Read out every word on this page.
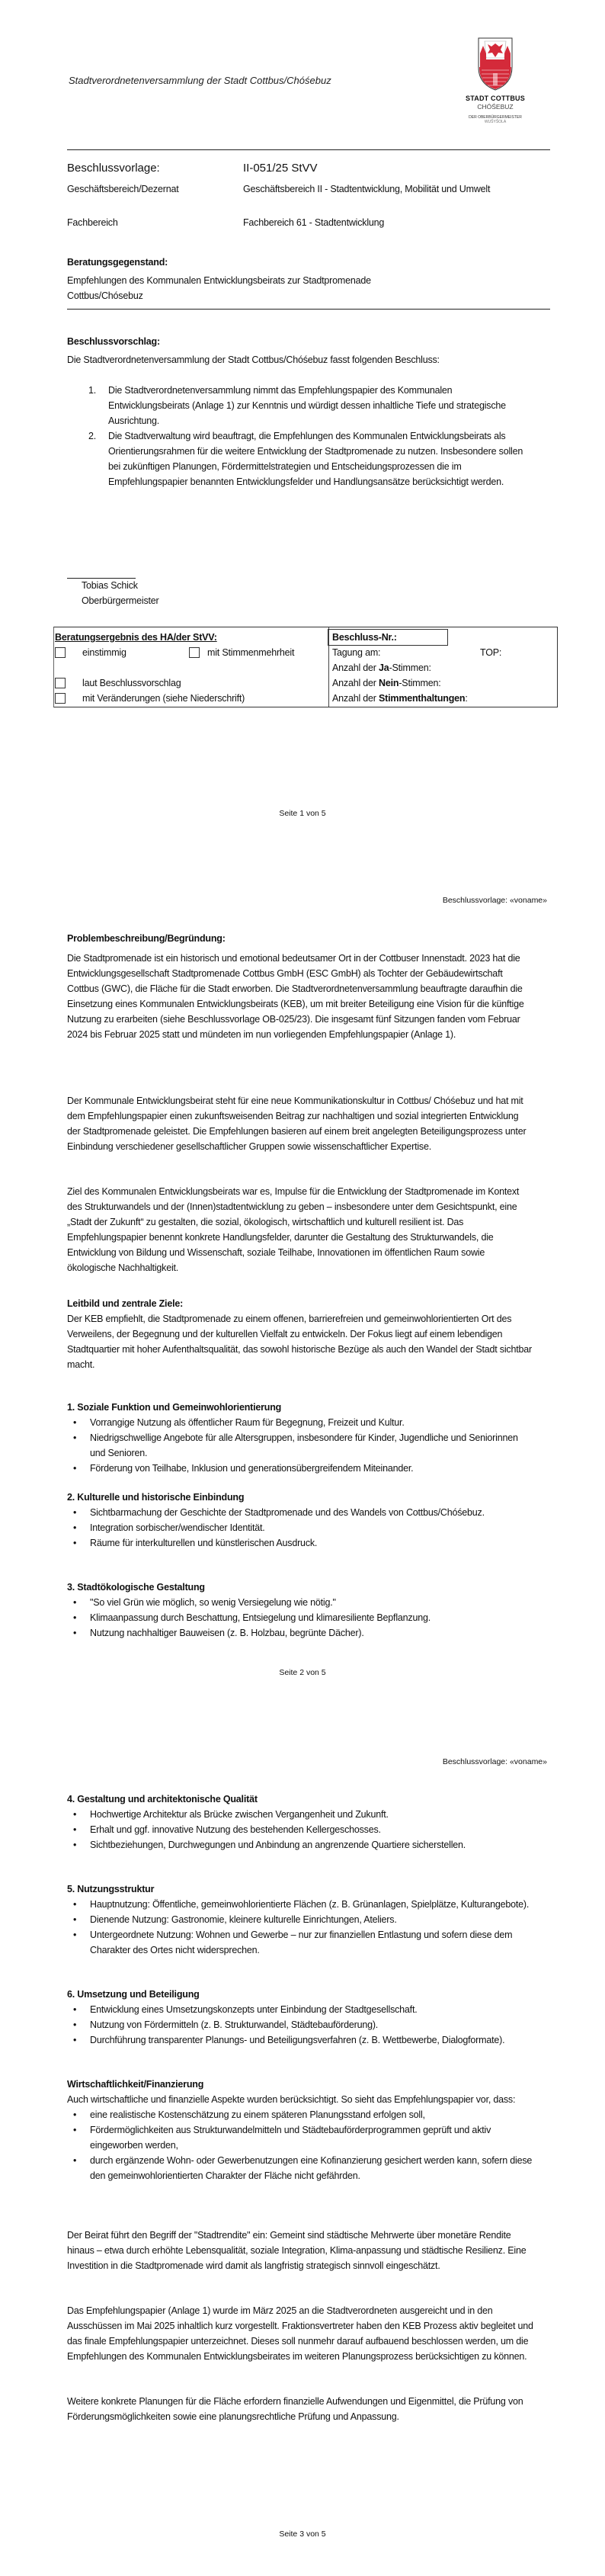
Stadtverordnetenversammlung der Stadt Cottbus/Chóśebuz
STADT COTTBUS
CHÓŚEBUZ
DER OBERBÜRGERMEISTER
WUŠYŠOLA
Beschlussvorlage:	II-051/25 StVV
Geschäftsbereich/Dezernat	Geschäftsbereich II - Stadtentwicklung, Mobilität und Umwelt
Fachbereich	Fachbereich 61 - Stadtentwicklung
Beratungsgegenstand:
Empfehlungen des Kommunalen Entwicklungsbeirats zur Stadtpromenade Cottbus/Chósebuz
Beschlussvorschlag:
Die Stadtverordnetenversammlung der Stadt Cottbus/Chóśebuz fasst folgenden Beschluss:
1. Die Stadtverordnetenversammlung nimmt das Empfehlungspapier des Kommunalen Entwicklungsbeirats (Anlage 1) zur Kenntnis und würdigt dessen inhaltliche Tiefe und strategische Ausrichtung.
2. Die Stadtverwaltung wird beauftragt, die Empfehlungen des Kommunalen Entwicklungsbeirats als Orientierungsrahmen für die weitere Entwicklung der Stadtpromenade zu nutzen. Insbesondere sollen bei zukünftigen Planungen, Fördermittelstrategien und Entscheidungsprozessen die im Empfehlungspapier benannten Entwicklungsfelder und Handlungsansätze berücksichtigt werden.
Tobias Schick
Oberbürgermeister
Beratungsergebnis des HA/der StVV:	Beschluss-Nr.:
einstimmig	mit Stimmenmehrheit	Tagung am:	TOP:
Anzahl der Ja-Stimmen:
laut Beschlussvorschlag	Anzahl der Nein-Stimmen:
mit Veränderungen (siehe Niederschrift)	Anzahl der Stimmenthaltungen:
Seite 1 von 5
Beschlussvorlage: «voname»
Problembeschreibung/Begründung:

Die Stadtpromenade ist ein historisch und emotional bedeutsamer Ort in der Cottbuser Innenstadt. 2023 hat die Entwicklungsgesellschaft Stadtpromenade Cottbus GmbH (ESC GmbH) als Tochter der Gebäudewirtschaft Cottbus (GWC), die Fläche für die Stadt erworben. Die Stadtverordnetenversammlung beauftragte daraufhin die Einsetzung eines Kommunalen Entwicklungsbeirats (KEB), um mit breiter Beteiligung eine Vision für die künftige Nutzung zu erarbeiten (siehe Beschlussvorlage OB-025/23). Die insgesamt fünf Sitzungen fanden vom Februar 2024 bis Februar 2025 statt und mündeten im nun vorliegenden Empfehlungspapier (Anlage 1).

Der Kommunale Entwicklungsbeirat steht für eine neue Kommunikationskultur in Cottbus/ Chóśebuz und hat mit dem Empfehlungspapier einen zukunftsweisenden Beitrag zur nachhaltigen und sozial integrierten Entwicklung der Stadtpromenade geleistet. Die Empfehlungen basieren auf einem breit angelegten Beteiligungsprozess unter Einbindung verschiedener gesellschaftlicher Gruppen sowie wissenschaftlicher Expertise.

Ziel des Kommunalen Entwicklungsbeirats war es, Impulse für die Entwicklung der Stadtpromenade im Kontext des Strukturwandels und der (Innen)stadtentwicklung zu geben – insbesondere unter dem Gesichtspunkt, eine „Stadt der Zukunft“ zu gestalten, die sozial, ökologisch, wirtschaftlich und kulturell resilient ist. Das Empfehlungspapier benennt konkrete Handlungsfelder, darunter die Gestaltung des Strukturwandels, die Entwicklung von Bildung und Wissenschaft, soziale Teilhabe, Innovationen im öffentlichen Raum sowie ökologische Nachhaltigkeit.

Leitbild und zentrale Ziele:

Der KEB empfiehlt, die Stadtpromenade zu einem offenen, barrierefreien und gemeinwohlorientierten Ort des Verweilens, der Begegnung und der kulturellen Vielfalt zu entwickeln. Der Fokus liegt auf einem lebendigen Stadtquartier mit hoher Aufenthaltsqualität, das sowohl historische Bezüge als auch den Wandel der Stadt sichtbar macht.

1. Soziale Funktion und Gemeinwohlorientierung
• Vorrangige Nutzung als öffentlicher Raum für Begegnung, Freizeit und Kultur.
• Niedrigschwellige Angebote für alle Altersgruppen, insbesondere für Kinder, Jugendliche und Seniorinnen und Senioren.
• Förderung von Teilhabe, Inklusion und generationsübergreifendem Miteinander.
2. Kulturelle und historische Einbindung
• Sichtbarmachung der Geschichte der Stadtpromenade und des Wandels von Cottbus/Chóśebuz.
• Integration sorbischer/wendischer Identität.
• Räume für interkulturellen und künstlerischen Ausdruck.
3. Stadtökologische Gestaltung
• "So viel Grün wie möglich, so wenig Versiegelung wie nötig."
• Klimaanpassung durch Beschattung, Entsiegelung und klimaresiliente Bepflanzung.
• Nutzung nachhaltiger Bauweisen (z. B. Holzbau, begrünte Dächer).
Seite 2 von 5
Beschlussvorlage: «voname»
4. Gestaltung und architektonische Qualität
• Hochwertige Architektur als Brücke zwischen Vergangenheit und Zukunft.
• Erhalt und ggf. innovative Nutzung des bestehenden Kellergeschosses.
• Sichtbeziehungen, Durchwegungen und Anbindung an angrenzende Quartiere sicherstellen.
5. Nutzungsstruktur
• Hauptnutzung: Öffentliche, gemeinwohlorientierte Flächen (z. B. Grünanlagen, Spielplätze, Kulturangebote).
• Dienende Nutzung: Gastronomie, kleinere kulturelle Einrichtungen, Ateliers.
• Untergeordnete Nutzung: Wohnen und Gewerbe – nur zur finanziellen Entlastung und sofern diese dem Charakter des Ortes nicht widersprechen.
6. Umsetzung und Beteiligung
• Entwicklung eines Umsetzungskonzepts unter Einbindung der Stadtgesellschaft.
• Nutzung von Fördermitteln (z. B. Strukturwandel, Städtebauförderung).
• Durchführung transparenter Planungs- und Beteiligungsverfahren (z. B. Wettbewerbe, Dialogformate).
Wirtschaftlichkeit/Finanzierung

Auch wirtschaftliche und finanzielle Aspekte wurden berücksichtigt. So sieht das Empfehlungspapier vor, dass:

• eine realistische Kostenschätzung zu einem späteren Planungsstand erfolgen soll,
• Fördermöglichkeiten aus Strukturwandelmitteln und Städtebauförderprogrammen geprüft und aktiv eingeworben werden,
• durch ergänzende Wohn- oder Gewerbenutzungen eine Kofinanzierung gesichert werden kann, sofern diese den gemeinwohlorientierten Charakter der Fläche nicht gefährden.

Der Beirat führt den Begriff der "Stadtrendite" ein: Gemeint sind städtische Mehrwerte über monetäre Rendite hinaus – etwa durch erhöhte Lebensqualität, soziale Integration, Klima-anpassung und städtische Resilienz. Eine Investition in die Stadtpromenade wird damit als langfristig strategisch sinnvoll eingeschätzt.

Das Empfehlungspapier (Anlage 1) wurde im März 2025 an die Stadtverordneten ausgereicht und in den Ausschüssen im Mai 2025 inhaltlich kurz vorgestellt. Fraktionsvertreter haben den KEB Prozess aktiv begleitet und das finale Empfehlungspapier unterzeichnet. Dieses soll nunmehr darauf aufbauend beschlossen werden, um die Empfehlungen des Kommunalen Entwicklungsbeirates im weiteren Planungsprozess berücksichtigen zu können.

Weitere konkrete Planungen für die Fläche erfordern finanzielle Aufwendungen und Eigenmittel, die Prüfung von Förderungsmöglichkeiten sowie eine planungsrechtliche Prüfung und Anpassung.

Seite 3 von 5
